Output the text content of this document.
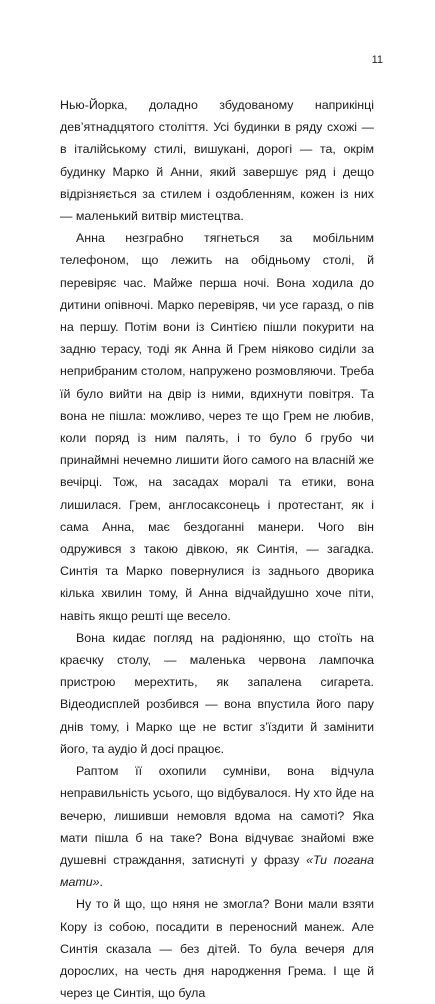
11

Нью-Йорка, доладно збудованому наприкінці дев’ятнадцятого століття. Усі будинки в ряду схожі — в італійському стилі, вишукані, дорогі — та, окрім будинку Марко й Анни, який завершує ряд і дещо відрізняється за стилем і оздобленням, кожен із них — маленький витвір мистецтва.

Анна незграбно тягнеться за мобільним телефоном, що лежить на обідньому столі, й перевіряє час. Майже перша ночі. Вона ходила до дитини опівночі. Марко перевіряв, чи усе гаразд, о пів на першу. Потім вони із Синтією пішли покурити на задню терасу, тоді як Анна й Грем ніяково сиділи за неприбраним столом, напружено розмовляючи. Треба їй було вийти на двір із ними, вдихнути повітря. Та вона не пішла: можливо, через те що Грем не любив, коли поряд із ним палять, і то було б грубо чи принаймні нечемно лишити його самого на власній же вечірці. Тож, на засадах моралі та етики, вона лишилася. Грем, англосаксонець і протестант, як і сама Анна, має бездоганні манери. Чого він одружився з такою дівкою, як Синтія, — загадка. Синтія та Марко повернулися із заднього дворика кілька хвилин тому, й Анна відчайдушно хоче піти, навіть якщо решті ще весело.

Вона кидає погляд на радіоняню, що стоїть на краєчку столу, — маленька червона лампочка пристрою мерехтить, як запалена сигарета. Відеодисплей розбився — вона впустила його пару днів тому, і Марко ще не встиг з’їздити й замінити його, та аудіо й досі працює.

Раптом її охопили сумніви, вона відчула неправильність усього, що відбувалося. Ну хто йде на вечерю, лишивши немовля вдома на самоті? Яка мати пішла б на таке? Вона відчуває знайомі вже душевні страждання, затиснуті у фразу «Ти погана мати».

Ну то й що, що няня не змогла? Вони мали взяти Кору із собою, посадити в переносний манеж. Але Синтія сказала — без дітей. То була вечеря для дорослих, на честь дня народження Грема. І ще й через це Синтія, що була
